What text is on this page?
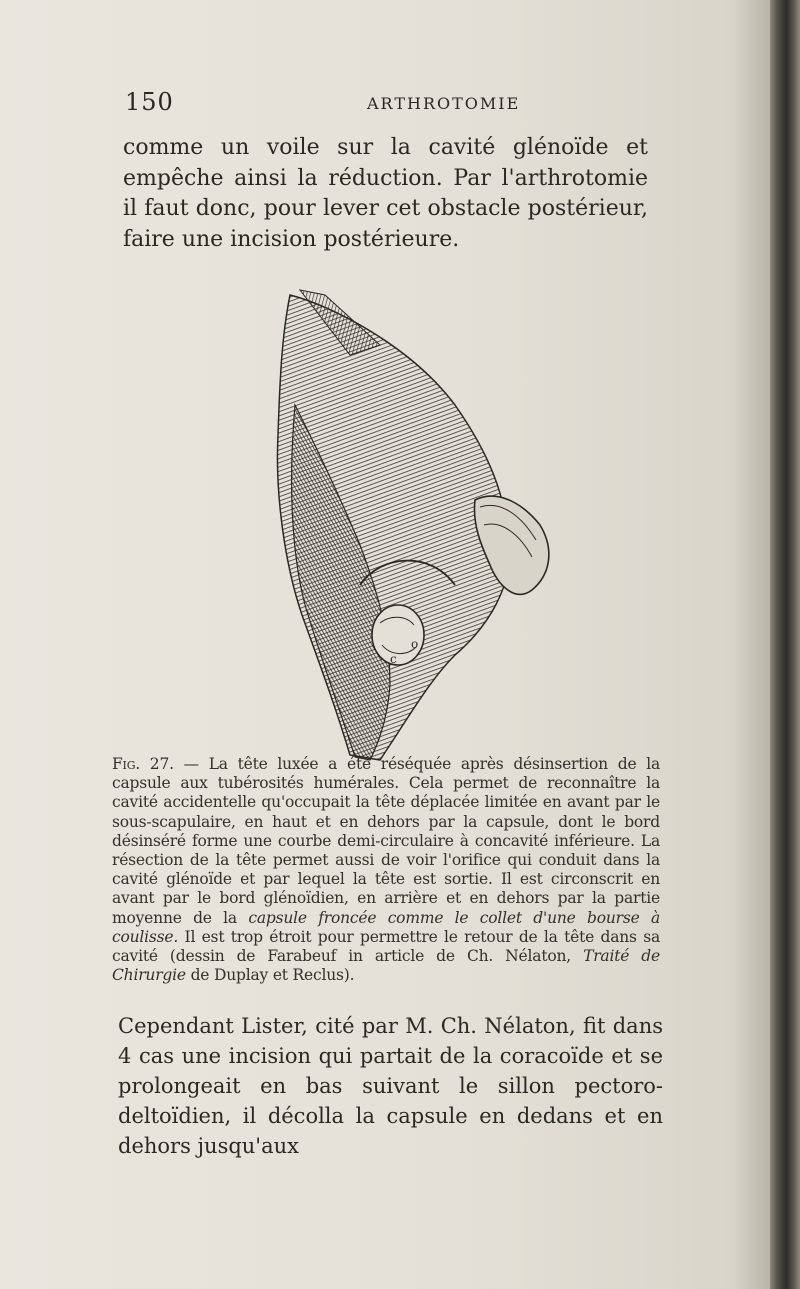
150	ARTHROTOMIE

comme un voile sur la cavité glénoïde et empêche ainsi la réduction. Par l'arthrotomie il faut donc, pour lever cet obstacle postérieur, faire une incision postérieure.

o
c

Fig. 27. — La tête luxée a été réséquée après désinsertion de la capsule aux tubérosités humérales. Cela permet de reconnaître la cavité accidentelle qu'occupait la tête déplacée limitée en avant par le sous-scapulaire, en haut et en dehors par la capsule, dont le bord désinséré forme une courbe demi-circulaire à concavité inférieure. La résection de la tête permet aussi de voir l'orifice qui conduit dans la cavité glénoïde et par lequel la tête est sortie. Il est circonscrit en avant par le bord glénoïdien, en arrière et en dehors par la partie moyenne de la capsule froncée comme le collet d'une bourse à coulisse. Il est trop étroit pour permettre le retour de la tête dans sa cavité (dessin de Farabeuf in article de Ch. Nélaton, Traité de Chirurgie de Duplay et Reclus).

Cependant Lister, cité par M. Ch. Nélaton, fit dans 4 cas une incision qui partait de la coracoïde et se prolongeait en bas suivant le sillon pectoro-deltoïdien, il décolla la capsule en dedans et en dehors jusqu'aux
